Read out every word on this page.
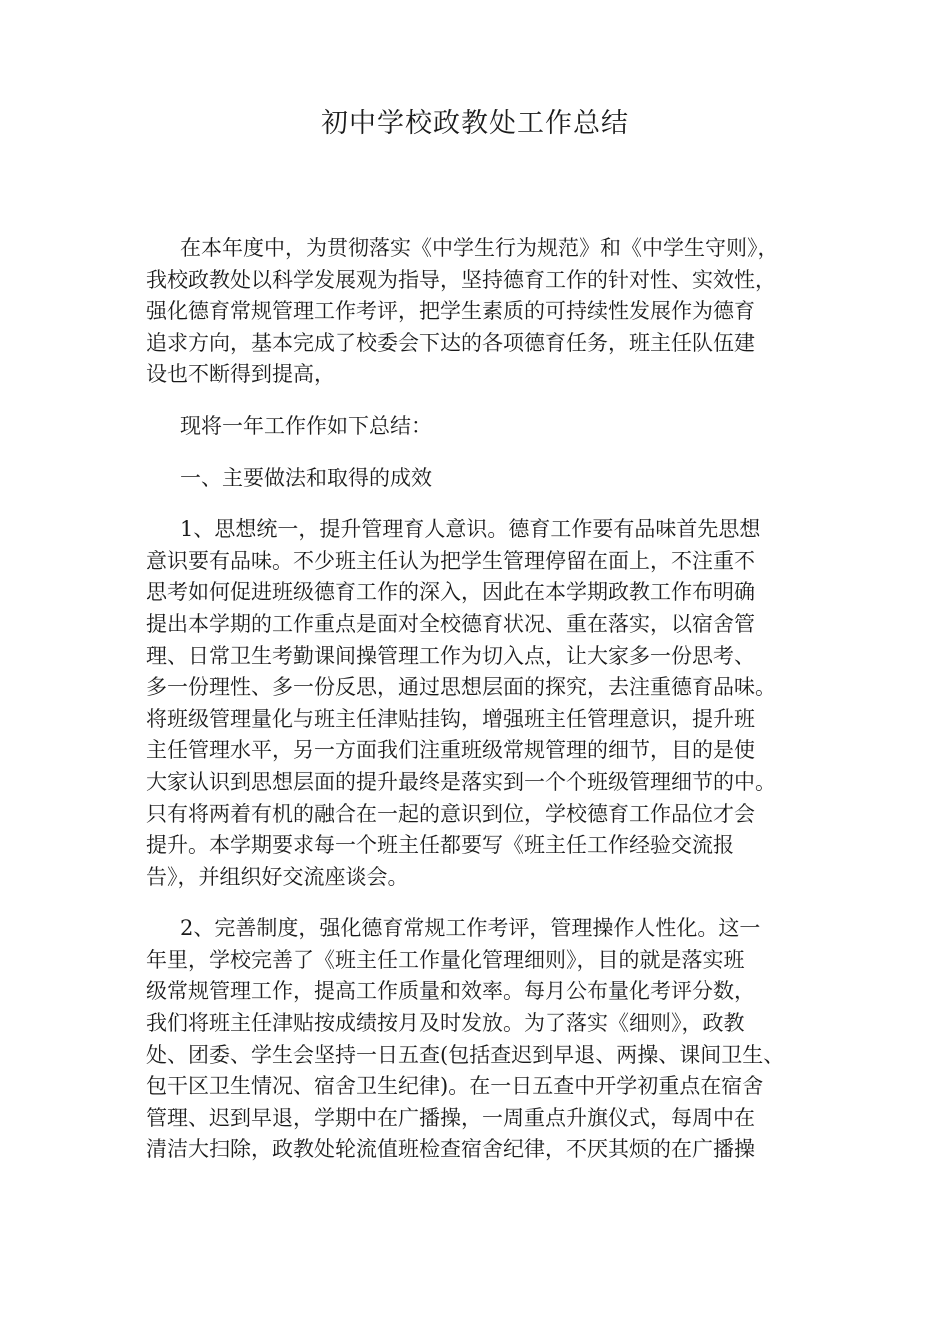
初中学校政教处工作总结
在本年度中，为贯彻落实《中学生行为规范》和《中学生守则》，
我校政教处以科学发展观为指导，坚持德育工作的针对性、实效性，
强化德育常规管理工作考评，把学生素质的可持续性发展作为德育
追求方向，基本完成了校委会下达的各项德育任务，班主任队伍建
设也不断得到提高，
现将一年工作作如下总结：
一、主要做法和取得的成效
1、思想统一，提升管理育人意识。德育工作要有品味首先思想
意识要有品味。不少班主任认为把学生管理停留在面上，不注重不
思考如何促进班级德育工作的深入，因此在本学期政教工作布明确
提出本学期的工作重点是面对全校德育状况、重在落实，以宿舍管
理、日常卫生考勤课间操管理工作为切入点，让大家多一份思考、
多一份理性、多一份反思，通过思想层面的探究，去注重德育品味。
将班级管理量化与班主任津贴挂钩，增强班主任管理意识，提升班
主任管理水平，另一方面我们注重班级常规管理的细节，目的是使
大家认识到思想层面的提升最终是落实到一个个班级管理细节的中。
只有将两着有机的融合在一起的意识到位，学校德育工作品位才会
提升。本学期要求每一个班主任都要写《班主任工作经验交流报
告》，并组织好交流座谈会。
2、完善制度，强化德育常规工作考评，管理操作人性化。这一
年里，学校完善了《班主任工作量化管理细则》，目的就是落实班
级常规管理工作，提高工作质量和效率。每月公布量化考评分数，
我们将班主任津贴按成绩按月及时发放。为了落实《细则》，政教
处、团委、学生会坚持一日五查(包括查迟到早退、两操、课间卫生、
包干区卫生情况、宿舍卫生纪律)。在一日五查中开学初重点在宿舍
管理、迟到早退，学期中在广播操，一周重点升旗仪式，每周中在
清洁大扫除，政教处轮流值班检查宿舍纪律，不厌其烦的在广播操
